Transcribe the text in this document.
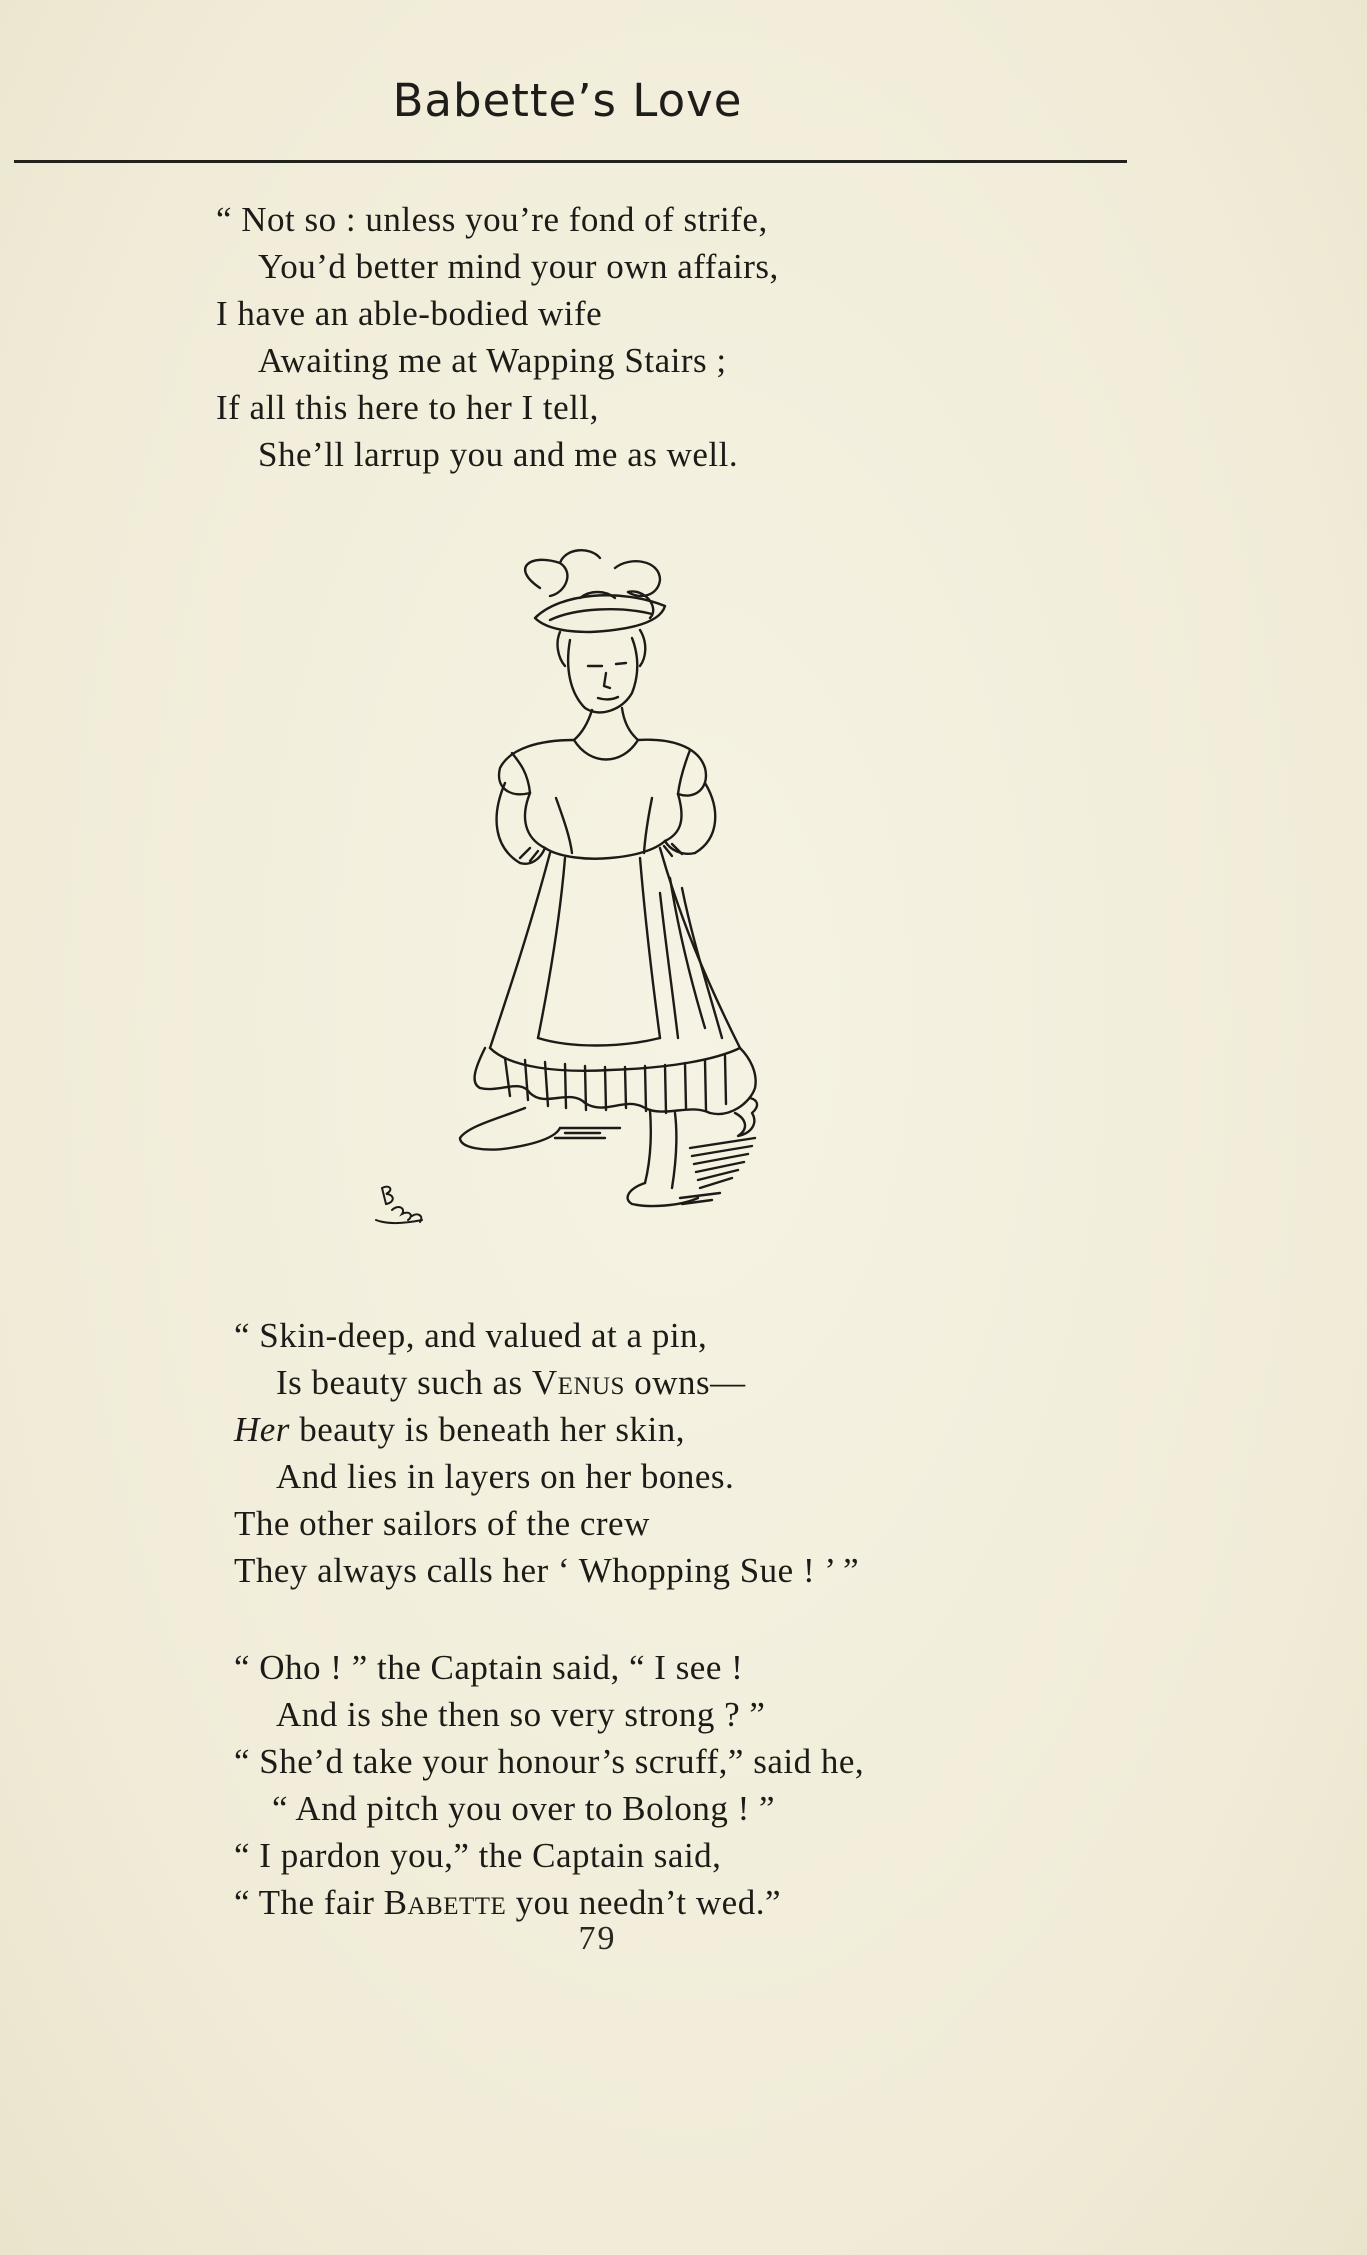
Babette’s Love
“ Not so : unless you’re fond of strife,
You’d better mind your own affairs,
I have an able-bodied wife
Awaiting me at Wapping Stairs ;
If all this here to her I tell,
She’ll larrup you and me as well.
“ Skin-deep, and valued at a pin,
Is beauty such as Venus owns—
Her beauty is beneath her skin,
And lies in layers on her bones.
The other sailors of the crew
They always calls her ‘ Whopping Sue ! ’ ”
“ Oho ! ” the Captain said, “ I see !
And is she then so very strong ? ”
“ She’d take your honour’s scruff,” said he,
“ And pitch you over to Bolong ! ”
“ I pardon you,” the Captain said,
“ The fair Babette you needn’t wed.”
79
